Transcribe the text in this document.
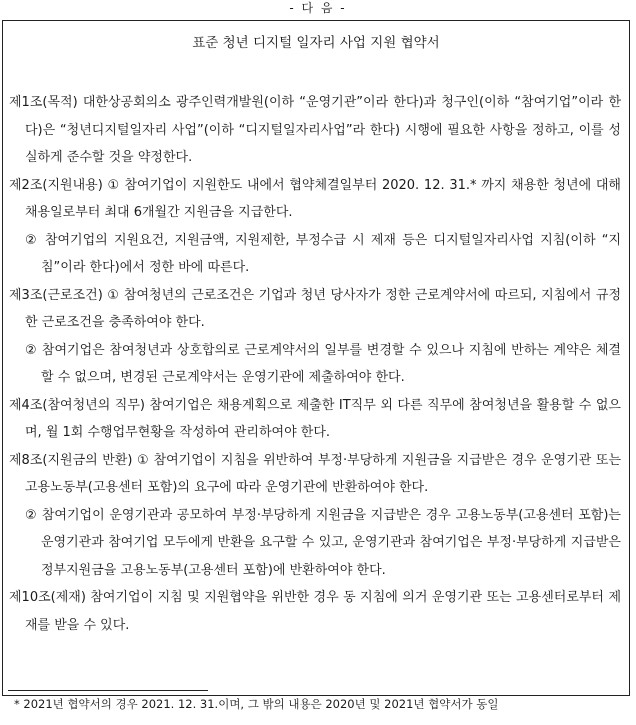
- 다 음 -
표준 청년 디지털 일자리 사업 지원 협약서
제1조(목적) 대한상공회의소 광주인력개발원(이하 “운영기관”이라 한다)과 청구인(이하 “참여기업”이라 한다)은 “청년디지털일자리 사업”(이하 “디지털일자리사업”라 한다) 시행에 필요한 사항을 정하고, 이를 성실하게 준수할 것을 약정한다.
제2조(지원내용) ① 참여기업이 지원한도 내에서 협약체결일부터 2020. 12. 31.* 까지 채용한 청년에 대해 채용일로부터 최대 6개월간 지원금을 지급한다.
② 참여기업의 지원요건, 지원금액, 지원제한, 부정수급 시 제재 등은 디지털일자리사업 지침(이하 “지침”이라 한다)에서 정한 바에 따른다.
제3조(근로조건) ① 참여청년의 근로조건은 기업과 청년 당사자가 정한 근로계약서에 따르되, 지침에서 규정한 근로조건을 충족하여야 한다.
② 참여기업은 참여청년과 상호합의로 근로계약서의 일부를 변경할 수 있으나 지침에 반하는 계약은 체결할 수 없으며, 변경된 근로계약서는 운영기관에 제출하여야 한다.
제4조(참여청년의 직무) 참여기업은 채용계획으로 제출한 IT직무 외 다른 직무에 참여청년을 활용할 수 없으며, 월 1회 수행업무현황을 작성하여 관리하여야 한다.
제8조(지원금의 반환) ① 참여기업이 지침을 위반하여 부정·부당하게 지원금을 지급받은 경우 운영기관 또는 고용노동부(고용센터 포함)의 요구에 따라 운영기관에 반환하여야 한다.
② 참여기업이 운영기관과 공모하여 부정·부당하게 지원금을 지급받은 경우 고용노동부(고용센터 포함)는 운영기관과 참여기업 모두에게 반환을 요구할 수 있고, 운영기관과 참여기업은 부정·부당하게 지급받은 정부지원금을 고용노동부(고용센터 포함)에 반환하여야 한다.
제10조(제재) 참여기업이 지침 및 지원협약을 위반한 경우 동 지침에 의거 운영기관 또는 고용센터로부터 제재를 받을 수 있다.
* 2021년 협약서의 경우 2021. 12. 31.이며, 그 밖의 내용은 2020년 및 2021년 협약서가 동일
